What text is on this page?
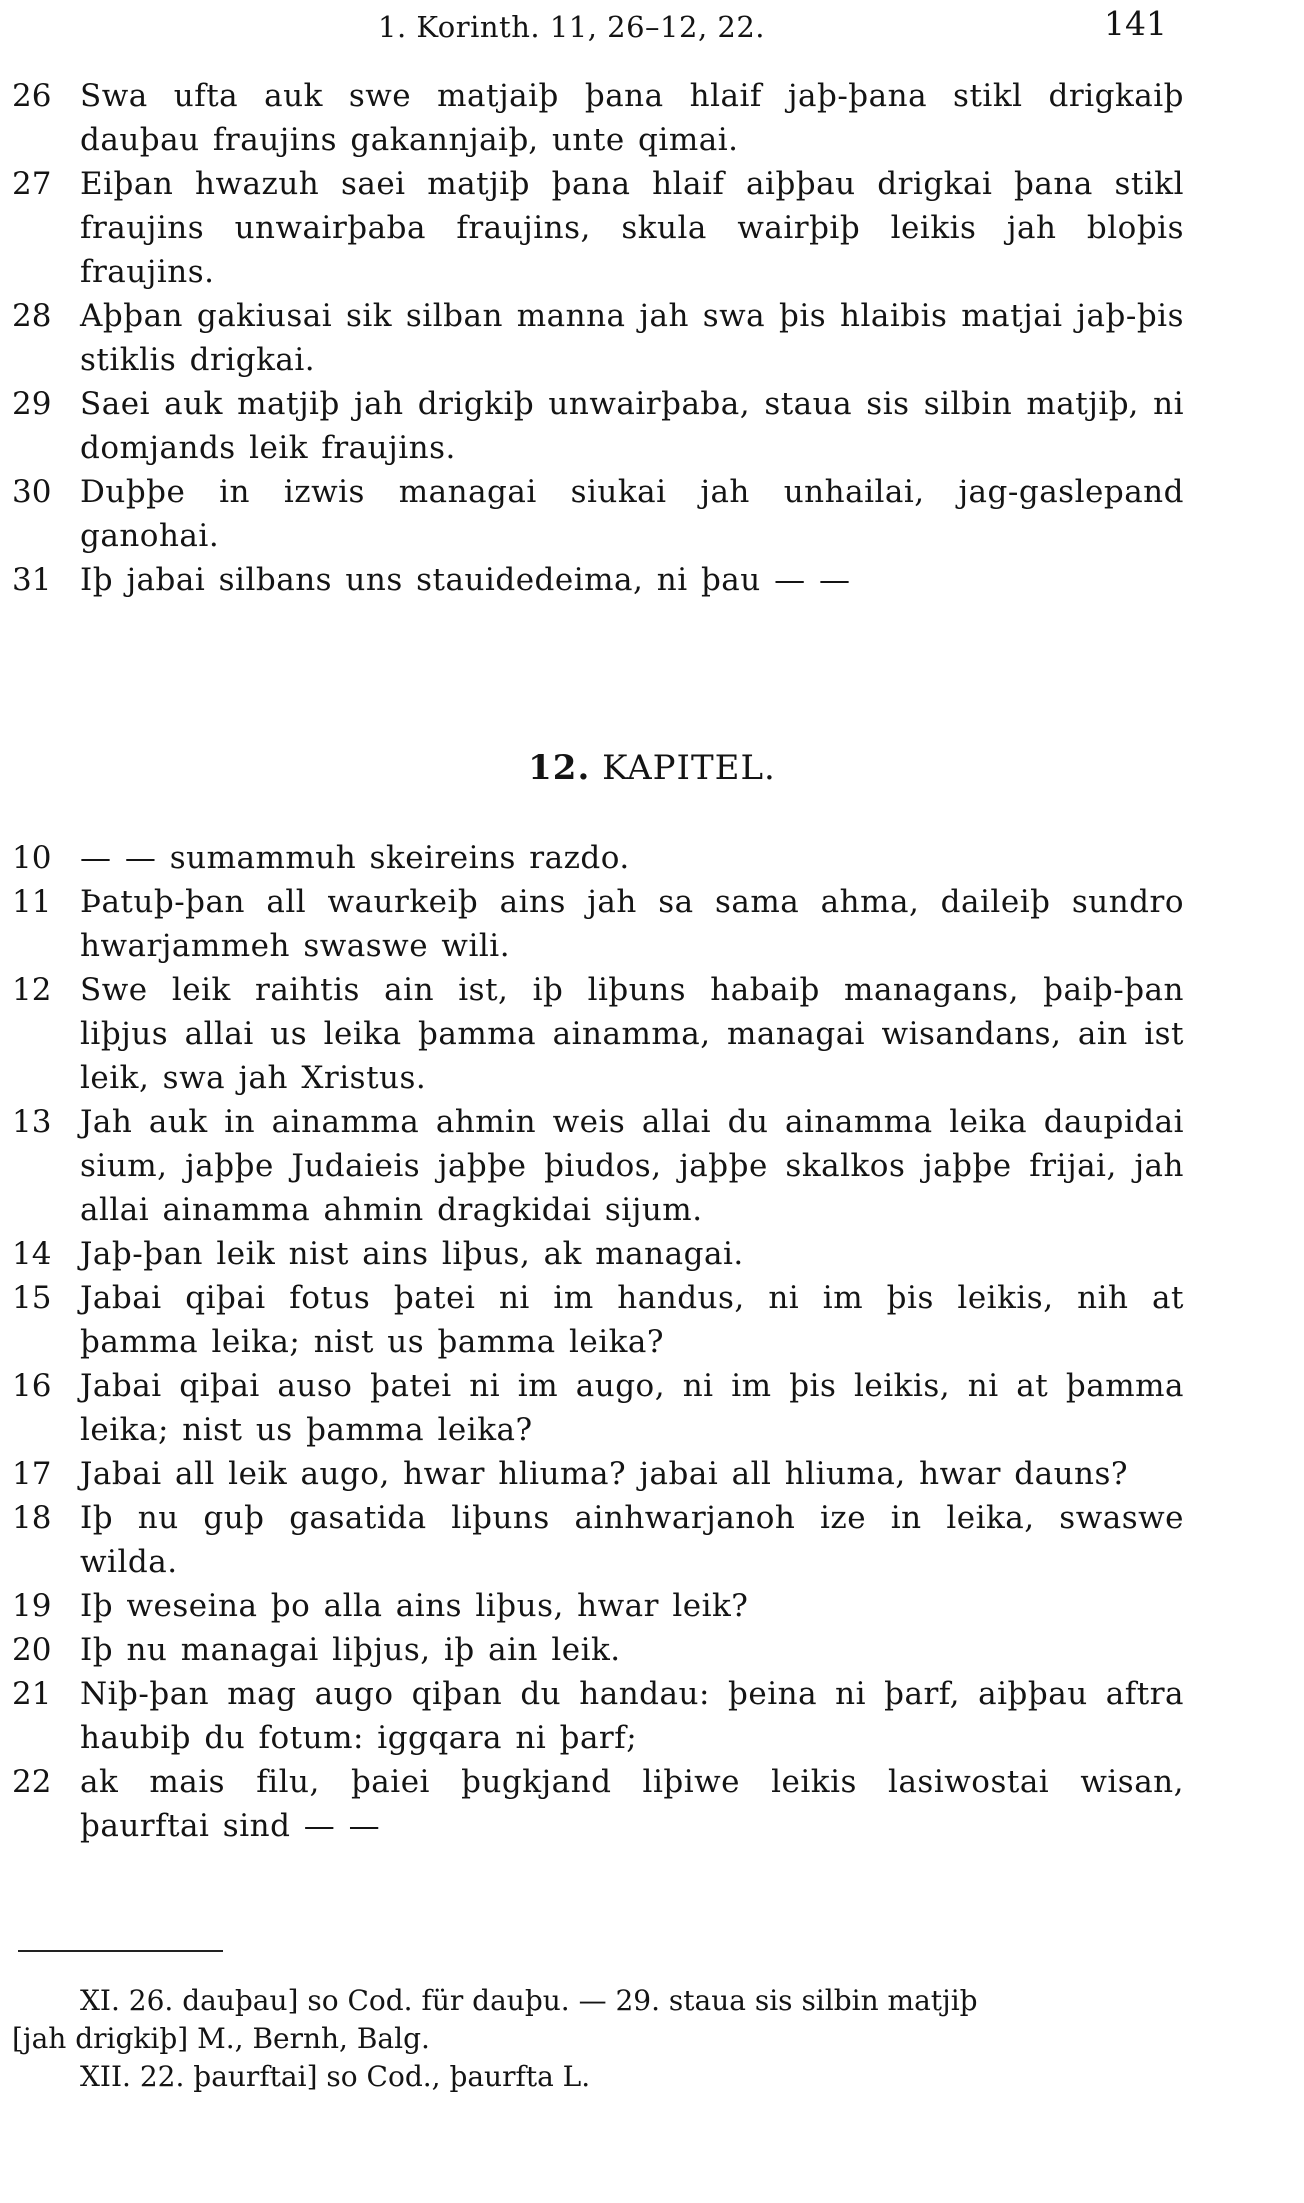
1. Korinth. 11, 26–12, 22.	141
26 Swa ufta auk swe matjaiþ þana hlaif jaþ-þana stikl drigkaiþ dauþau fraujins gakannjaiþ, unte qimai.
27 Eiþan hwazuh saei matjiþ þana hlaif aiþþau drigkai þana stikl fraujins unwairþaba fraujins, skula wairþiþ leikis jah bloþis fraujins.
28 Aþþan gakiusai sik silban manna jah swa þis hlaibis matjai jaþ-þis stiklis drigkai.
29 Saei auk matjiþ jah drigkiþ unwairþaba, staua sis silbin matjiþ, ni domjands leik fraujins.
30 Duþþe in izwis managai siukai jah unhailai, jag-gaslepand ganohai.
31 Iþ jabai silbans uns stauidedeima, ni þau — —
12. KAPITEL.
10 — — sumammuh skeireins razdo.
11 Þatuþ-þan all waurkeiþ ains jah sa sama ahma, daileiþ sundro hwarjammeh swaswe wili.
12 Swe leik raihtis ain ist, iþ liþuns habaiþ managans, þaiþ-þan liþjus allai us leika þamma ainamma, managai wisandans, ain ist leik, swa jah Xristus.
13 Jah auk in ainamma ahmin weis allai du ainamma leika daupidai sium, jaþþe Judaieis jaþþe þiudos, jaþþe skalkos jaþþe frijai, jah allai ainamma ahmin dragkidai sijum.
14 Jaþ-þan leik nist ains liþus, ak managai.
15 Jabai qiþai fotus þatei ni im handus, ni im þis leikis, nih at þamma leika; nist us þamma leika?
16 Jabai qiþai auso þatei ni im augo, ni im þis leikis, ni at þamma leika; nist us þamma leika?
17 Jabai all leik augo, hwar hliuma? jabai all hliuma, hwar dauns?
18 Iþ nu guþ gasatida liþuns ainhwarjanoh ize in leika, swaswe wilda.
19 Iþ weseina þo alla ains liþus, hwar leik?
20 Iþ nu managai liþjus, iþ ain leik.
21 Niþ-þan mag augo qiþan du handau: þeina ni þarf, aiþþau aftra haubiþ du fotum: iggqara ni þarf;
22 ak mais filu, þaiei þugkjand liþiwe leikis lasiwostai wisan, þaurftai sind — —

XI. 26. dauþau] so Cod. für dauþu. — 29. staua sis silbin matjiþ

[jah drigkiþ] M., Bernh, Balg.

XII. 22. þaurftai] so Cod., þaurfta L.
